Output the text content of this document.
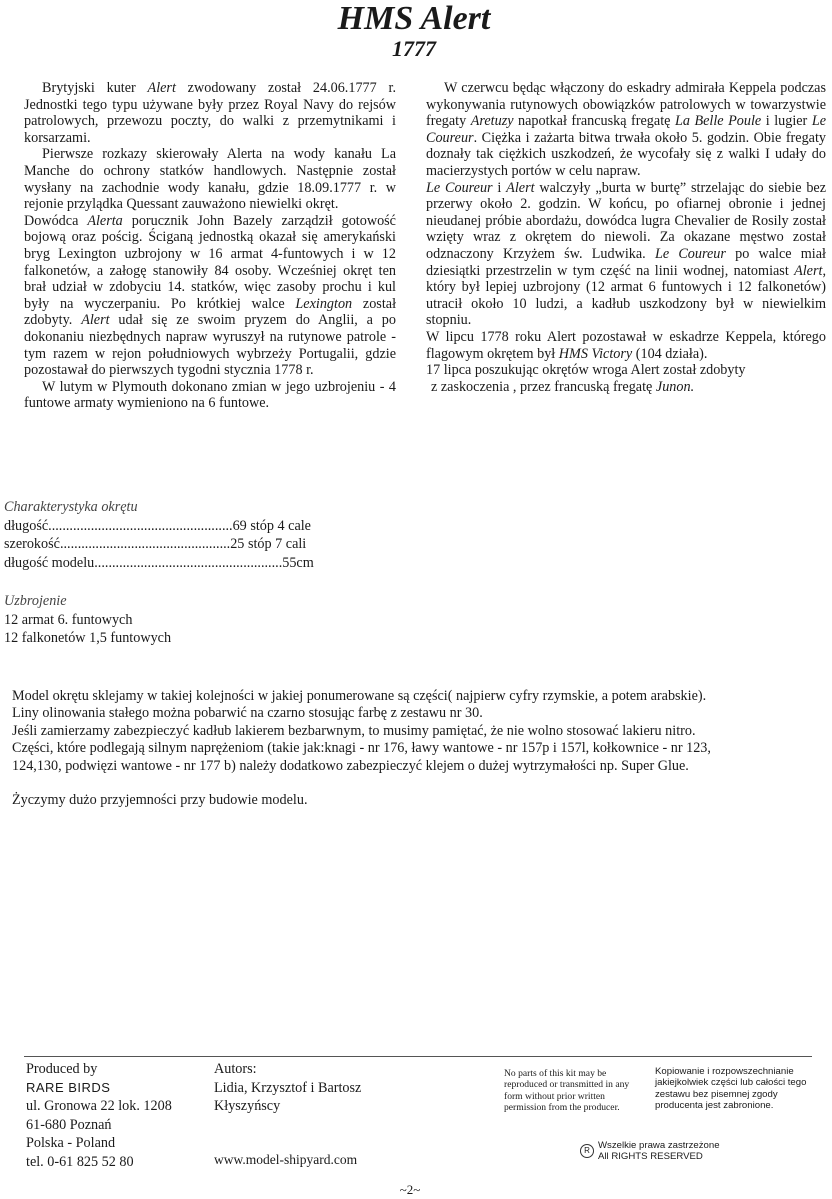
HMS Alert
1777

Brytyjski kuter Alert zwodowany został 24.06.1777 r. Jednostki tego typu używane były przez Royal Navy do rejsów patrolowych, przewozu poczty, do walki z przemytnikami i korsarzami.

Pierwsze rozkazy skierowały Alerta na wody kanału La Manche do ochrony statków handlowych. Następnie został wysłany na zachodnie wody kanału, gdzie 18.09.1777 r. w rejonie przylądka Quessant zauważono niewielki okręt.

Dowódca Alerta porucznik John Bazely zarządził gotowość bojową oraz pościg. Ściganą jednostką okazał się amerykański bryg Lexington uzbrojony w 16 armat 4-funtowych i w 12 falkonetów, a załogę stanowiły 84 osoby. Wcześniej okręt ten brał udział w zdobyciu 14. statków, więc zasoby prochu i kul były na wyczerpaniu. Po krótkiej walce Lexington został zdobyty. Alert udał się ze swoim pryzem do Anglii, a po dokonaniu niezbędnych napraw wyruszył na rutynowe patrole - tym razem w rejon południowych wybrzeży Portugalii, gdzie pozostawał do pierwszych tygodni stycznia 1778 r.

W lutym w Plymouth dokonano zmian w jego uzbrojeniu - 4 funtowe armaty wymieniono na 6 funtowe.

W czerwcu będąc włączony do eskadry admirała Keppela podczas wykonywania rutynowych obowiązków patrolowych w towarzystwie fregaty Aretuzy napotkał francuską fregatę La Belle Poule i lugier Le Coureur. Ciężka i zażarta bitwa trwała około 5. godzin. Obie fregaty doznały tak ciężkich uszkodzeń, że wycofały się z walki I udały do macierzystych portów w celu napraw.

Le Coureur i Alert walczyły „burta w burtę” strzelając do siebie bez przerwy około 2. godzin. W końcu, po ofiarnej obronie i jednej nieudanej próbie abordażu, dowódca lugra Chevalier de Rosily został wzięty wraz z okrętem do niewoli. Za okazane męstwo został odznaczony Krzyżem św. Ludwika. Le Coureur po walce miał dziesiątki przestrzelin w tym część na linii wodnej, natomiast Alert, który był lepiej uzbrojony (12 armat 6 funtowych i 12 falkonetów) utracił około 10 ludzi, a kadłub uszkodzony był w niewielkim stopniu.

W lipcu 1778 roku Alert pozostawał w eskadrze Keppela, którego flagowym okrętem był HMS Victory (104 działa).

17 lipca poszukując okrętów wroga Alert został zdobyty

z zaskoczenia , przez francuską fregatę Junon.

Charakterystyka okrętu
długość .................................................... 69 stóp 4 cale
szerokość ................................................ 25 stóp 7 cali
długość modelu ..................................................... 55cm
Uzbrojenie
12 armat 6. funtowych
12 falkonetów 1,5 funtowych

Model okrętu sklejamy w takiej kolejności w jakiej ponumerowane są części( najpierw cyfry rzymskie, a potem arabskie).

Liny olinowania stałego można pobarwić na czarno stosując farbę z zestawu nr 30.

Jeśli zamierzamy zabezpieczyć kadłub lakierem bezbarwnym, to musimy pamiętać, że nie wolno stosować lakieru nitro.

Części, które podlegają silnym naprężeniom (takie jak:knagi - nr 176, ławy wantowe - nr 157p i 157l, kołkownice - nr 123,

124,130, podwięzi wantowe - nr 177 b) należy dodatkowo zabezpieczyć klejem o dużej wytrzymałości np. Super Glue.

Życzymy dużo przyjemności przy budowie modelu.

Produced by
RARE BIRDS
ul. Gronowa 22 lok. 1208
61-680 Poznań
Polska - Poland
tel. 0-61 825 52 80
Autors:
Lidia, Krzysztof i Bartosz
Kłyszyńscy
www.model-shipyard.com
No parts of this kit may be reproduced or transmitted in any form without prior written permission from the producer.
Kopiowanie i rozpowszechnianie jakiejkolwiek części lub całości tego zestawu bez pisemnej zgody producenta jest zabronione.
R Wszelkie prawa zastrzeżone
All RIGHTS RESERVED
~2~
